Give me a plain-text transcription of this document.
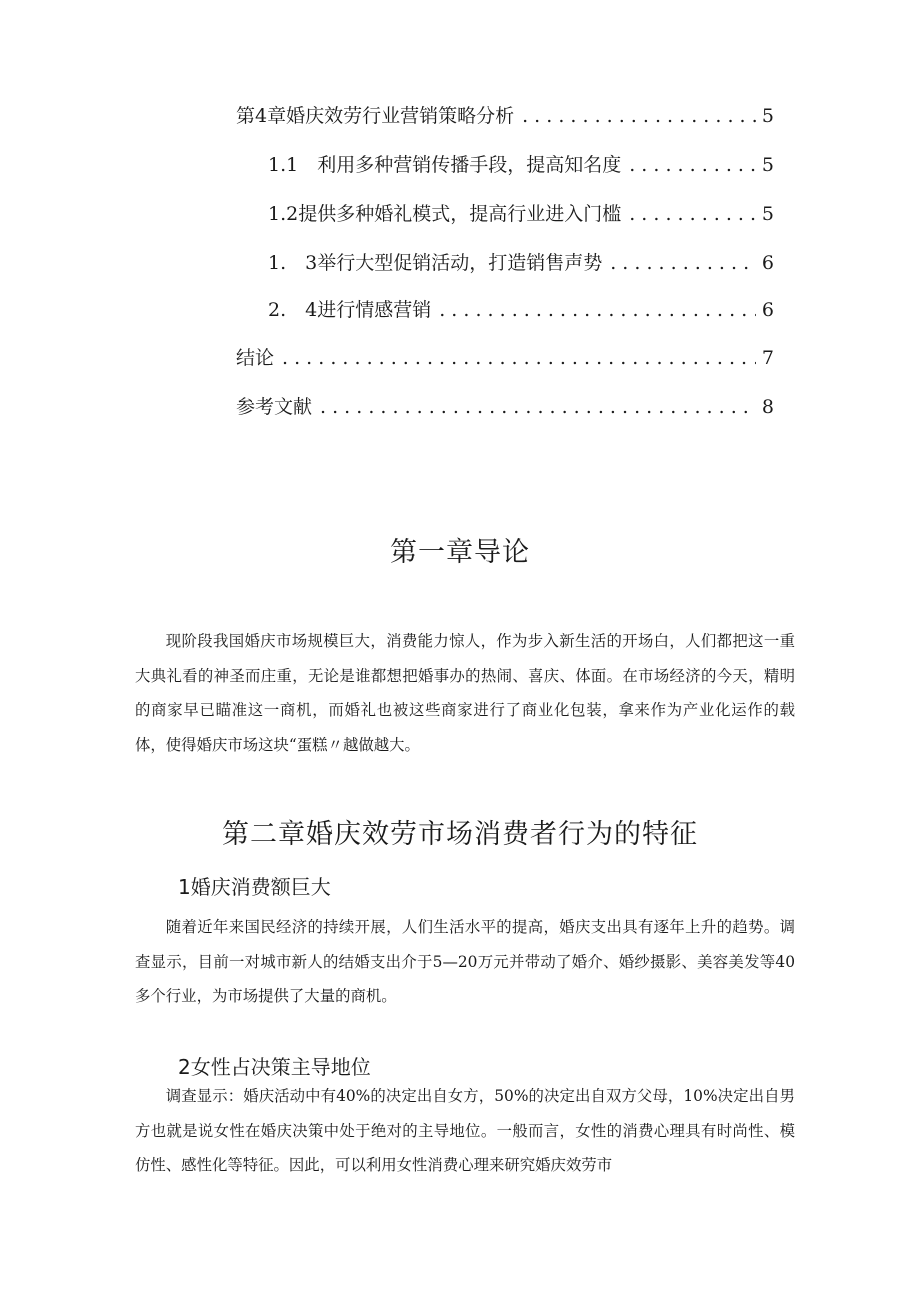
第4章婚庆效劳行业营销策略分析 . . .	5
1.1　利用多种营销传播手段，提高知名度 . . .	5
1.2提供多种婚礼模式，提高行业进入门槛 . . .	5
1.　3举行大型促销活动，打造销售声势 . . .	6
2.　4进行情感营销 . . .	6
结论 . . .	7
参考文献 . . .	8
第一章导论

现阶段我国婚庆市场规模巨大，消费能力惊人，作为步入新生活的开场白，人们都把这一重大典礼看的神圣而庄重，无论是谁都想把婚事办的热闹、喜庆、体面。在市场经济的今天，精明的商家早已瞄准这一商机，而婚礼也被这些商家进行了商业化包装，拿来作为产业化运作的载体，使得婚庆市场这块“蛋糕〃越做越大。

第二章婚庆效劳市场消费者行为的特征
1婚庆消费额巨大

随着近年来国民经济的持续开展，人们生活水平的提高，婚庆支出具有逐年上升的趋势。调查显示，目前一对城市新人的结婚支出介于5—20万元并带动了婚介、婚纱摄影、美容美发等40多个行业，为市场提供了大量的商机。

2女性占决策主导地位

调查显示：婚庆活动中有40%的决定出自女方，50%的决定出自双方父母，10%决定出自男方也就是说女性在婚庆决策中处于绝对的主导地位。一般而言，女性的消费心理具有时尚性、模仿性、感性化等特征。因此，可以利用女性消费心理来研究婚庆效劳市
